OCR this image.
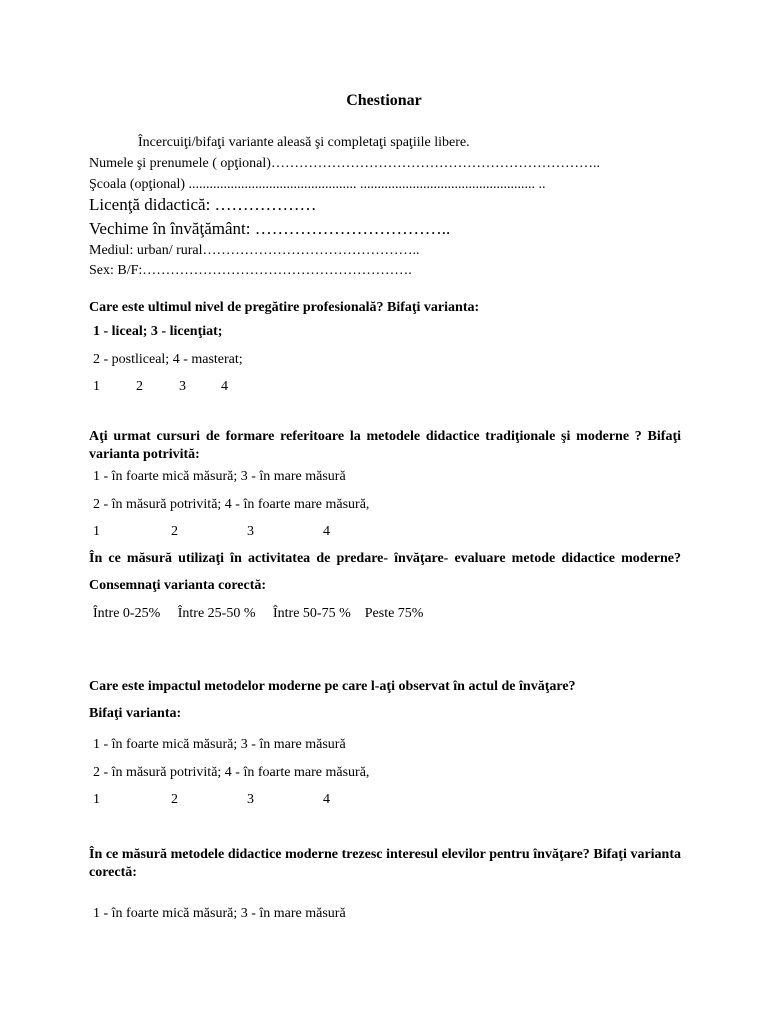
Chestionar
Încercuiţi/bifaţi variante aleasă şi completaţi spaţiile libere.
Numele şi prenumele ( opţional)……………………………………………………………..
Şcoala (opţional) ................................................ .................................................. ..
Licenţă didactică: ………………
Vechime în învăţământ: ……………………………..
Mediul: urban/ rural………………………………………..
Sex: B/F:………………………………………………….
Care este ultimul nivel de pregătire profesională? Bifaţi varianta:
1 - liceal; 3 - licenţiat;
2 - postliceal; 4 - masterat;
1	2	3	4
Aţi urmat cursuri de formare referitoare la metodele didactice tradiţionale şi moderne ? Bifaţi varianta potrivită:
1 - în foarte mică măsură; 3 - în mare măsură
2 - în măsură potrivită; 4 - în foarte mare măsură,
1	2	3	4
În ce măsură utilizaţi în activitatea de predare- învăţare- evaluare metode didactice moderne? Consemnaţi varianta corectă:
Între 0-25%     Între 25-50 %     Între 50-75 %    Peste 75%
Care este impactul metodelor moderne pe care l-aţi observat în actul de învăţare?
Bifaţi varianta:
1 - în foarte mică măsură; 3 - în mare măsură
2 - în măsură potrivită; 4 - în foarte mare măsură,
1	2	3	4
În ce măsură metodele didactice moderne trezesc interesul elevilor pentru învăţare? Bifaţi varianta corectă:
1 - în foarte mică măsură; 3 - în mare măsură
